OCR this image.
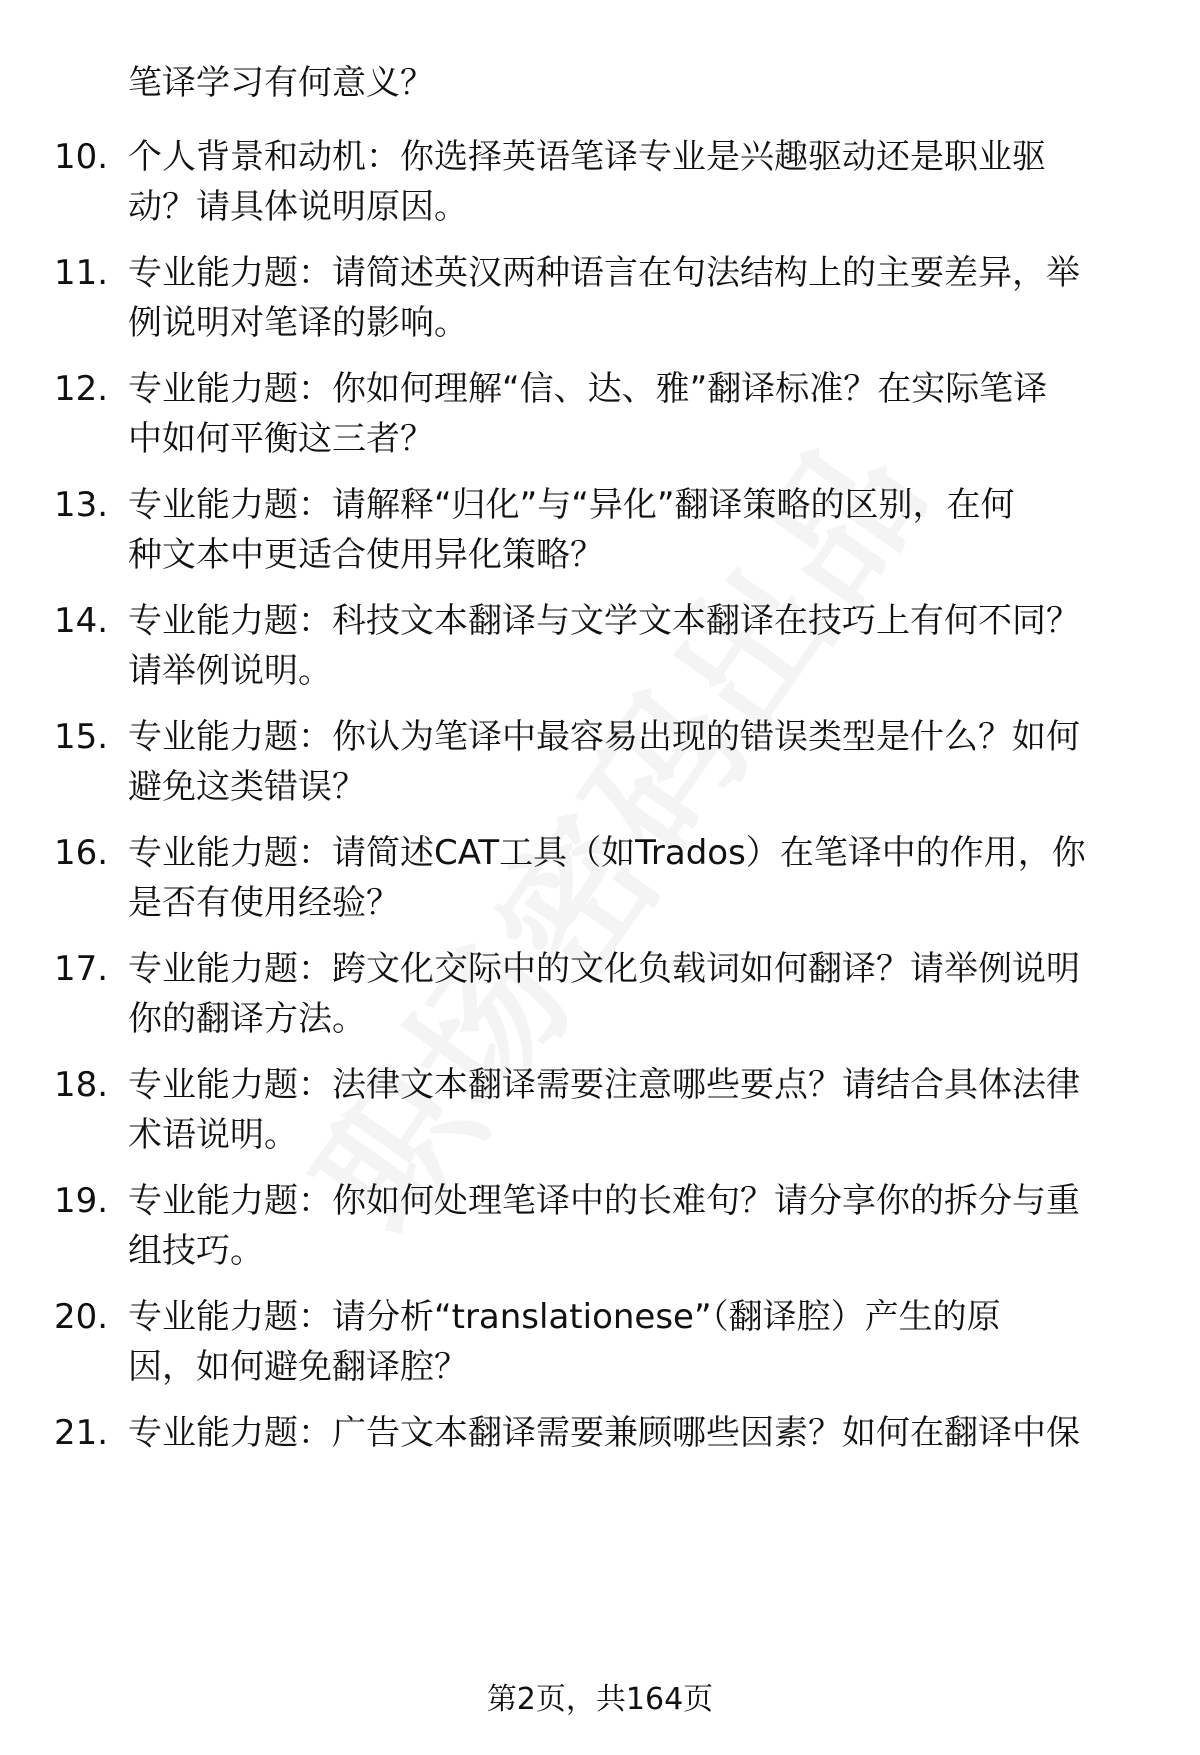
笔译学习有何意义？

10. 个人背景和动机：你选择英语笔译专业是兴趣驱动还是职业驱
动？请具体说明原因。
11. 专业能力题：请简述英汉两种语言在句法结构上的主要差异，举
例说明对笔译的影响。
12. 专业能力题：你如何理解“信、达、雅”翻译标准？在实际笔译
中如何平衡这三者？
13. 专业能力题：请解释“归化”与“异化”翻译策略的区别，在何
种文本中更适合使用异化策略？
14. 专业能力题：科技文本翻译与文学文本翻译在技巧上有何不同？
请举例说明。
15. 专业能力题：你认为笔译中最容易出现的错误类型是什么？如何
避免这类错误？
16. 专业能力题：请简述CAT工具（如Trados）在笔译中的作用，你
是否有使用经验？
17. 专业能力题：跨文化交际中的文化负载词如何翻译？请举例说明
你的翻译方法。
18. 专业能力题：法律文本翻译需要注意哪些要点？请结合具体法律
术语说明。
19. 专业能力题：你如何处理笔译中的长难句？请分享你的拆分与重
组技巧。
20. 专业能力题：请分析“translationese”（翻译腔）产生的原
因，如何避免翻译腔？
21. 专业能力题：广告文本翻译需要兼顾哪些因素？如何在翻译中保
第2页，共164页
